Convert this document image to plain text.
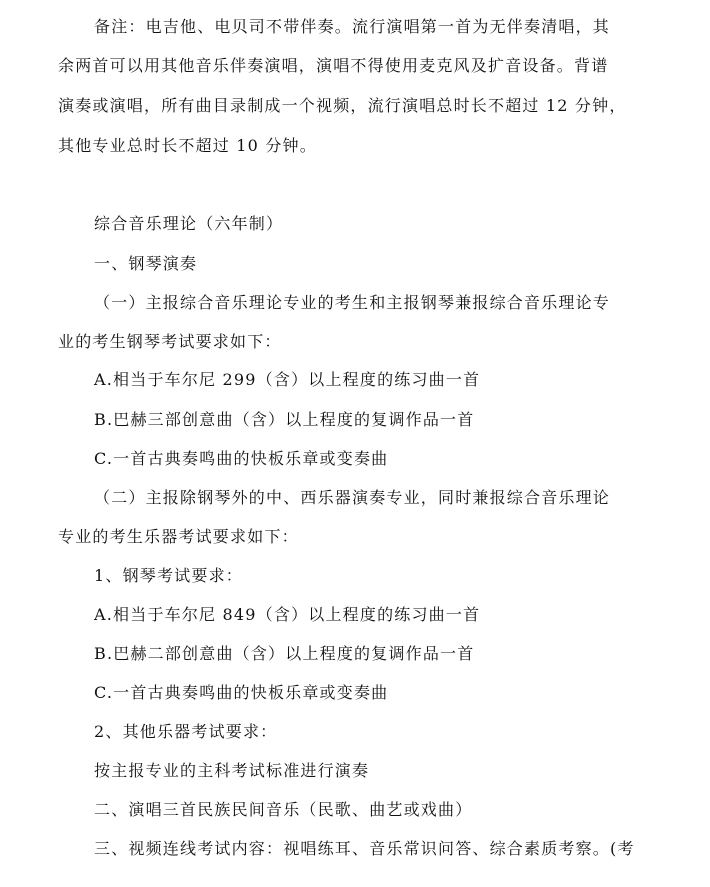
备注：电吉他、电贝司不带伴奏。流行演唱第一首为无伴奏清唱，其
余两首可以用其他音乐伴奏演唱，演唱不得使用麦克风及扩音设备。背谱
演奏或演唱，所有曲目录制成一个视频，流行演唱总时长不超过 12 分钟，
其他专业总时长不超过 10 分钟。
综合音乐理论（六年制）
一、钢琴演奏
（一）主报综合音乐理论专业的考生和主报钢琴兼报综合音乐理论专
业的考生钢琴考试要求如下：
A.相当于车尔尼 299（含）以上程度的练习曲一首
B.巴赫三部创意曲（含）以上程度的复调作品一首
C.一首古典奏鸣曲的快板乐章或变奏曲
（二）主报除钢琴外的中、西乐器演奏专业，同时兼报综合音乐理论
专业的考生乐器考试要求如下：
1、钢琴考试要求：
A.相当于车尔尼 849（含）以上程度的练习曲一首
B.巴赫二部创意曲（含）以上程度的复调作品一首
C.一首古典奏鸣曲的快板乐章或变奏曲
2、其他乐器考试要求：
按主报专业的主科考试标准进行演奏
二、演唱三首民族民间音乐（民歌、曲艺或戏曲）
三、视频连线考试内容：视唱练耳、音乐常识问答、综合素质考察。(考
